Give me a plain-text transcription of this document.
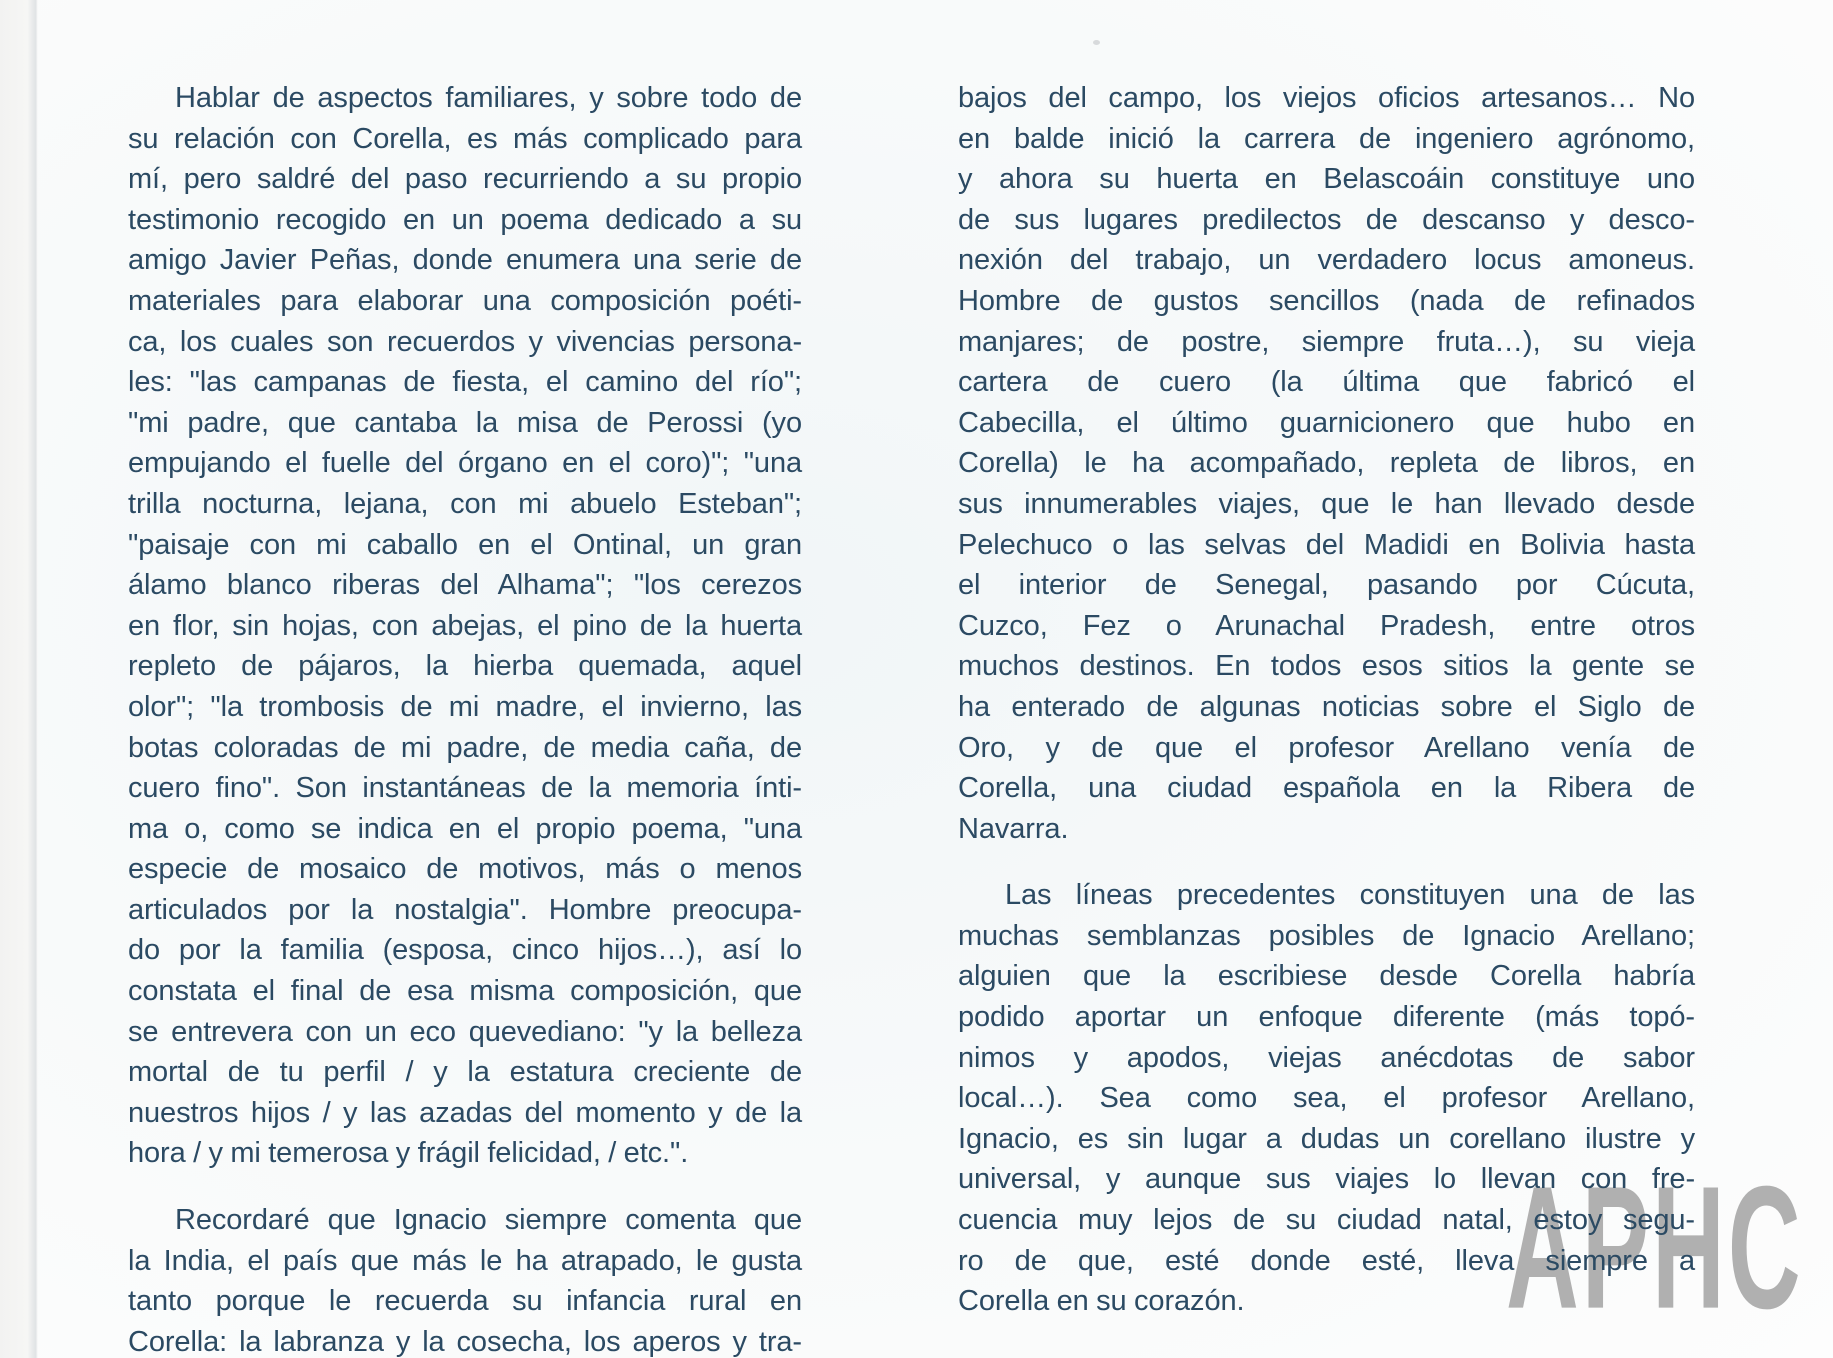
APHC

Hablar de aspectos familiares, y sobre todo de
su relación con Corella, es más complicado para
mí, pero saldré del paso recurriendo a su propio
testimonio recogido en un poema dedicado a su
amigo Javier Peñas, donde enumera una serie de
materiales para elaborar una composición poéti-
ca, los cuales son recuerdos y vivencias persona-
les: "las campanas de fiesta, el camino del río";
"mi padre, que cantaba la misa de Perossi (yo
empujando el fuelle del órgano en el coro)"; "una
trilla nocturna, lejana, con mi abuelo Esteban";
"paisaje con mi caballo en el Ontinal, un gran
álamo blanco riberas del Alhama"; "los cerezos
en flor, sin hojas, con abejas, el pino de la huerta
repleto de pájaros, la hierba quemada, aquel
olor"; "la trombosis de mi madre, el invierno, las
botas coloradas de mi padre, de media caña, de
cuero fino". Son instantáneas de la memoria ínti-
ma o, como se indica en el propio poema, "una
especie de mosaico de motivos, más o menos
articulados por la nostalgia". Hombre preocupa-
do por la familia (esposa, cinco hijos…), así lo
constata el final de esa misma composición, que
se entrevera con un eco quevediano: "y la belleza
mortal de tu perfil / y la estatura creciente de
nuestros hijos / y las azadas del momento y de la
hora / y mi temerosa y frágil felicidad, / etc.".

Recordaré que Ignacio siempre comenta que
la India, el país que más le ha atrapado, le gusta
tanto porque le recuerda su infancia rural en
Corella: la labranza y la cosecha, los aperos y tra-

bajos del campo, los viejos oficios artesanos… No
en balde inició la carrera de ingeniero agrónomo,
y ahora su huerta en Belascoáin constituye uno
de sus lugares predilectos de descanso y desco-
nexión del trabajo, un verdadero locus amoneus.
Hombre de gustos sencillos (nada de refinados
manjares; de postre, siempre fruta…), su vieja
cartera de cuero (la última que fabricó el
Cabecilla, el último guarnicionero que hubo en
Corella) le ha acompañado, repleta de libros, en
sus innumerables viajes, que le han llevado desde
Pelechuco o las selvas del Madidi en Bolivia hasta
el interior de Senegal, pasando por Cúcuta,
Cuzco, Fez o Arunachal Pradesh, entre otros
muchos destinos. En todos esos sitios la gente se
ha enterado de algunas noticias sobre el Siglo de
Oro, y de que el profesor Arellano venía de
Corella, una ciudad española en la Ribera de
Navarra.

Las líneas precedentes constituyen una de las
muchas semblanzas posibles de Ignacio Arellano;
alguien que la escribiese desde Corella habría
podido aportar un enfoque diferente (más topó-
nimos y apodos, viejas anécdotas de sabor
local…). Sea como sea, el profesor Arellano,
Ignacio, es sin lugar a dudas un corellano ilustre y
universal, y aunque sus viajes lo llevan con fre-
cuencia muy lejos de su ciudad natal, estoy segu-
ro de que, esté donde esté, lleva siempre a
Corella en su corazón.
